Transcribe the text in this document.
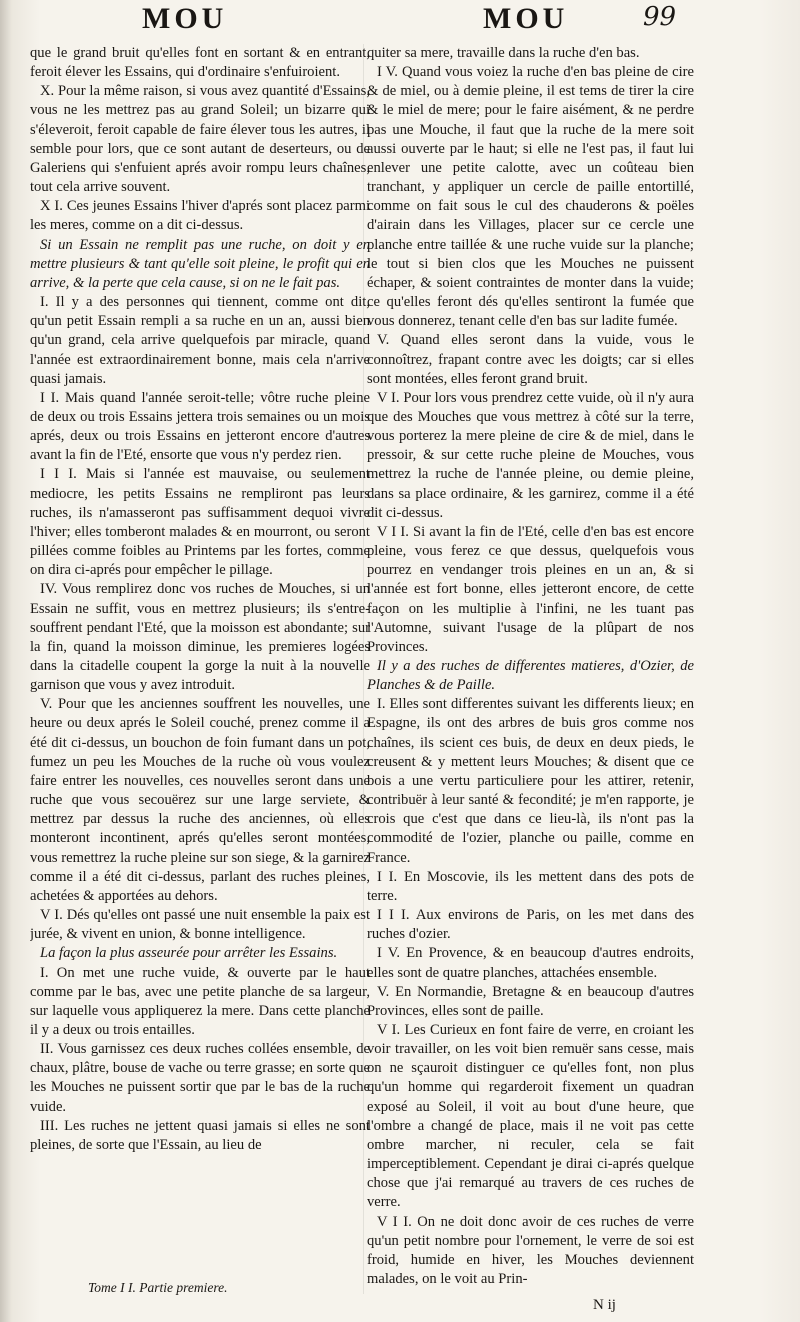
MOU	MOU	99

que le grand bruit qu'elles font en sortant & en entrant, feroit élever les Essains, qui d'ordinaire s'enfuiroient.

X. Pour la même raison, si vous avez quantité d'Essains, vous ne les mettrez pas au grand Soleil; un bizarre qui s'éleveroit, feroit capable de faire élever tous les autres, il semble pour lors, que ce sont autant de deserteurs, ou de Galeriens qui s'enfuient aprés avoir rompu leurs chaînes, tout cela arrive souvent.

X I. Ces jeunes Essains l'hiver d'aprés sont placez parmi les meres, comme on a dit ci-dessus.

Si un Essain ne remplit pas une ruche, on doit y en mettre plusieurs & tant qu'elle soit pleine, le profit qui en arrive, & la perte que cela cause, si on ne le fait pas.

I. Il y a des personnes qui tiennent, comme ont dit, qu'un petit Essain rempli a sa ruche en un an, aussi bien qu'un grand, cela arrive quelquefois par miracle, quand l'année est extraordinairement bonne, mais cela n'arrive quasi jamais.

I I. Mais quand l'année seroit-telle; vôtre ruche pleine de deux ou trois Essains jettera trois semaines ou un mois aprés, deux ou trois Essains en jetteront encore d'autres avant la fin de l'Eté, ensorte que vous n'y perdez rien.

I I I. Mais si l'année est mauvaise, ou seulement mediocre, les petits Essains ne rempliront pas leurs ruches, ils n'amasseront pas suffisamment dequoi vivre l'hiver; elles tomberont malades & en mourront, ou seront pillées comme foibles au Printems par les fortes, comme on dira ci-aprés pour empêcher le pillage.

IV. Vous remplirez donc vos ruches de Mouches, si un Essain ne suffit, vous en mettrez plusieurs; ils s'entre-souffrent pendant l'Eté, que la moisson est abondante; sur la fin, quand la moisson diminue, les premieres logées dans la citadelle coupent la gorge la nuit à la nouvelle garnison que vous y avez introduit.

V. Pour que les anciennes souffrent les nouvelles, une heure ou deux aprés le Soleil couché, prenez comme il a été dit ci-dessus, un bouchon de foin fumant dans un pot, fumez un peu les Mouches de la ruche où vous voulez faire entrer les nouvelles, ces nouvelles seront dans une ruche que vous secouërez sur une large serviete, & mettrez par dessus la ruche des anciennes, où elles monteront incontinent, aprés qu'elles seront montées, vous remettrez la ruche pleine sur son siege, & la garnirez comme il a été dit ci-dessus, parlant des ruches pleines, achetées & apportées au dehors.

V I. Dés qu'elles ont passé une nuit ensemble la paix est jurée, & vivent en union, & bonne intelligence.

La façon la plus asseurée pour arrêter les Essains.

I. On met une ruche vuide, & ouverte par le haut comme par le bas, avec une petite planche de sa largeur, sur laquelle vous appliquerez la mere. Dans cette planche il y a deux ou trois entailles.

II. Vous garnissez ces deux ruches collées ensemble, de chaux, plâtre, bouse de vache ou terre grasse; en sorte que les Mouches ne puissent sortir que par le bas de la ruche vuide.

III. Les ruches ne jettent quasi jamais si elles ne sont pleines, de sorte que l'Essain, au lieu de

quiter sa mere, travaille dans la ruche d'en bas.

I V. Quand vous voiez la ruche d'en bas pleine de cire & de miel, ou à demie pleine, il est tems de tirer la cire & le miel de mere; pour le faire aisément, & ne perdre pas une Mouche, il faut que la ruche de la mere soit aussi ouverte par le haut; si elle ne l'est pas, il faut lui enlever une petite calotte, avec un coûteau bien tranchant, y appliquer un cercle de paille entortillé, comme on fait sous le cul des chauderons & poëles d'airain dans les Villages, placer sur ce cercle une planche entre taillée & une ruche vuide sur la planche; le tout si bien clos que les Mouches ne puissent échaper, & soient contraintes de monter dans la vuide; ce qu'elles feront dés qu'elles sentiront la fumée que vous donnerez, tenant celle d'en bas sur ladite fumée.

V. Quand elles seront dans la vuide, vous le connoîtrez, frapant contre avec les doigts; car si elles sont montées, elles feront grand bruit.

V I. Pour lors vous prendrez cette vuide, où il n'y aura que des Mouches que vous mettrez à côté sur la terre, vous porterez la mere pleine de cire & de miel, dans le pressoir, & sur cette ruche pleine de Mouches, vous mettrez la ruche de l'année pleine, ou demie pleine, dans sa place ordinaire, & les garnirez, comme il a été dit ci-dessus.

V I I. Si avant la fin de l'Eté, celle d'en bas est encore pleine, vous ferez ce que dessus, quelquefois vous pourrez en vendanger trois pleines en un an, & si l'année est fort bonne, elles jetteront encore, de cette façon on les multiplie à l'infini, ne les tuant pas l'Automne, suivant l'usage de la plûpart de nos Provinces.

Il y a des ruches de differentes matieres, d'Ozier, de Planches & de Paille.

I. Elles sont differentes suivant les differents lieux; en Espagne, ils ont des arbres de buis gros comme nos chaînes, ils scient ces buis, de deux en deux pieds, le creusent & y mettent leurs Mouches; & disent que ce bois a une vertu particuliere pour les attirer, retenir, contribuër à leur santé & fecondité; je m'en rapporte, je crois que c'est que dans ce lieu-là, ils n'ont pas la commodité de l'ozier, planche ou paille, comme en France.

I I. En Moscovie, ils les mettent dans des pots de terre.

I I I. Aux environs de Paris, on les met dans des ruches d'ozier.

I V. En Provence, & en beaucoup d'autres endroits, elles sont de quatre planches, attachées ensemble.

V. En Normandie, Bretagne & en beaucoup d'autres Provinces, elles sont de paille.

V I. Les Curieux en font faire de verre, en croiant les voir travailler, on les voit bien remuër sans cesse, mais on ne sçauroit distinguer ce qu'elles font, non plus qu'un homme qui regarderoit fixement un quadran exposé au Soleil, il voit au bout d'une heure, que l'ombre a changé de place, mais il ne voit pas cette ombre marcher, ni reculer, cela se fait imperceptiblement. Cependant je dirai ci-aprés quelque chose que j'ai remarqué au travers de ces ruches de verre.

V I I. On ne doit donc avoir de ces ruches de verre qu'un petit nombre pour l'ornement, le verre de soi est froid, humide en hiver, les Mouches deviennent malades, on le voit au Prin-

Tome I I. Partie premiere.
N ij
